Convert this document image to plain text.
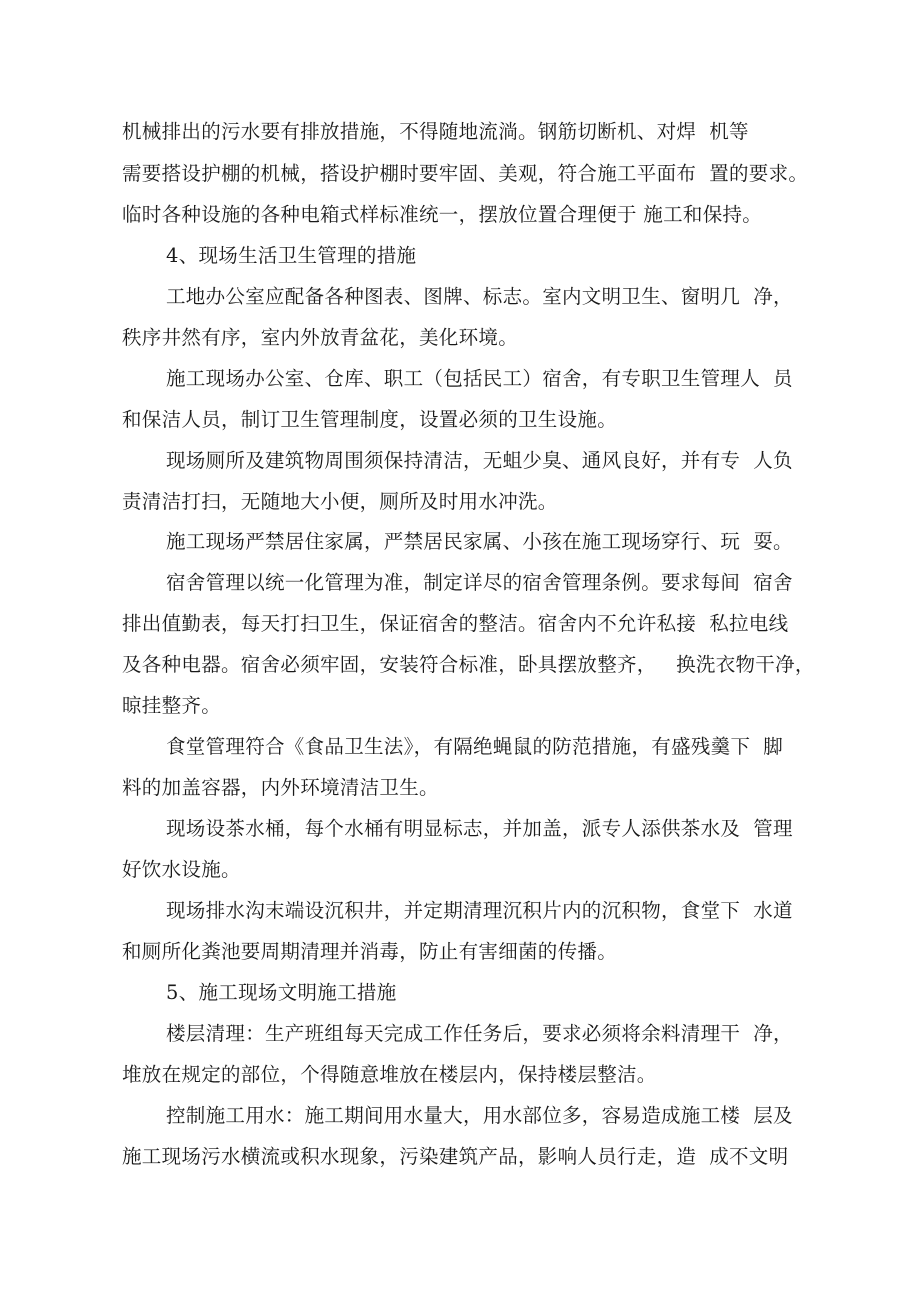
机械排出的污水要有排放措施，不得随地流淌。钢筋切断机、对焊  机等
需要搭设护棚的机械，搭设护棚时要牢固、美观，符合施工平面布  置的要求。
临时各种设施的各种电箱式样标准统一，摆放位置合理便于 施工和保持。
4、现场生活卫生管理的措施
工地办公室应配备各种图表、图牌、标志。室内文明卫生、窗明几  净，
秩序井然有序，室内外放青盆花，美化环境。
施工现场办公室、仓库、职工（包括民工）宿舍，有专职卫生管理人  员
和保洁人员，制订卫生管理制度，设置必须的卫生设施。
现场厕所及建筑物周围须保持清洁，无蛆少臭、通风良好，并有专  人负
责清洁打扫，无随地大小便，厕所及时用水冲洗。
施工现场严禁居住家属，严禁居民家属、小孩在施工现场穿行、玩  耍。
宿舍管理以统一化管理为准，制定详尽的宿舍管理条例。要求每间  宿舍
排出值勤表，每天打扫卫生，保证宿舍的整洁。宿舍内不允许私接  私拉电线
及各种电器。宿舍必须牢固，安装符合标准，卧具摆放整齐，   换洗衣物干净，
晾挂整齐。
食堂管理符合《食品卫生法》，有隔绝蝇鼠的防范措施，有盛残羹下  脚
料的加盖容器，内外环境清洁卫生。
现场设茶水桶，每个水桶有明显标志，并加盖，派专人添供茶水及  管理
好饮水设施。
现场排水沟末端设沉积井，并定期清理沉积片内的沉积物，食堂下  水道
和厕所化粪池要周期清理并消毒，防止有害细菌的传播。
5、施工现场文明施工措施
楼层清理：生产班组每天完成工作任务后，要求必须将余料清理干  净，
堆放在规定的部位，个得随意堆放在楼层内，保持楼层整洁。
控制施工用水：施工期间用水量大，用水部位多，容易造成施工楼  层及
施工现场污水横流或积水现象，污染建筑产品，影响人员行走，造  成不文明
